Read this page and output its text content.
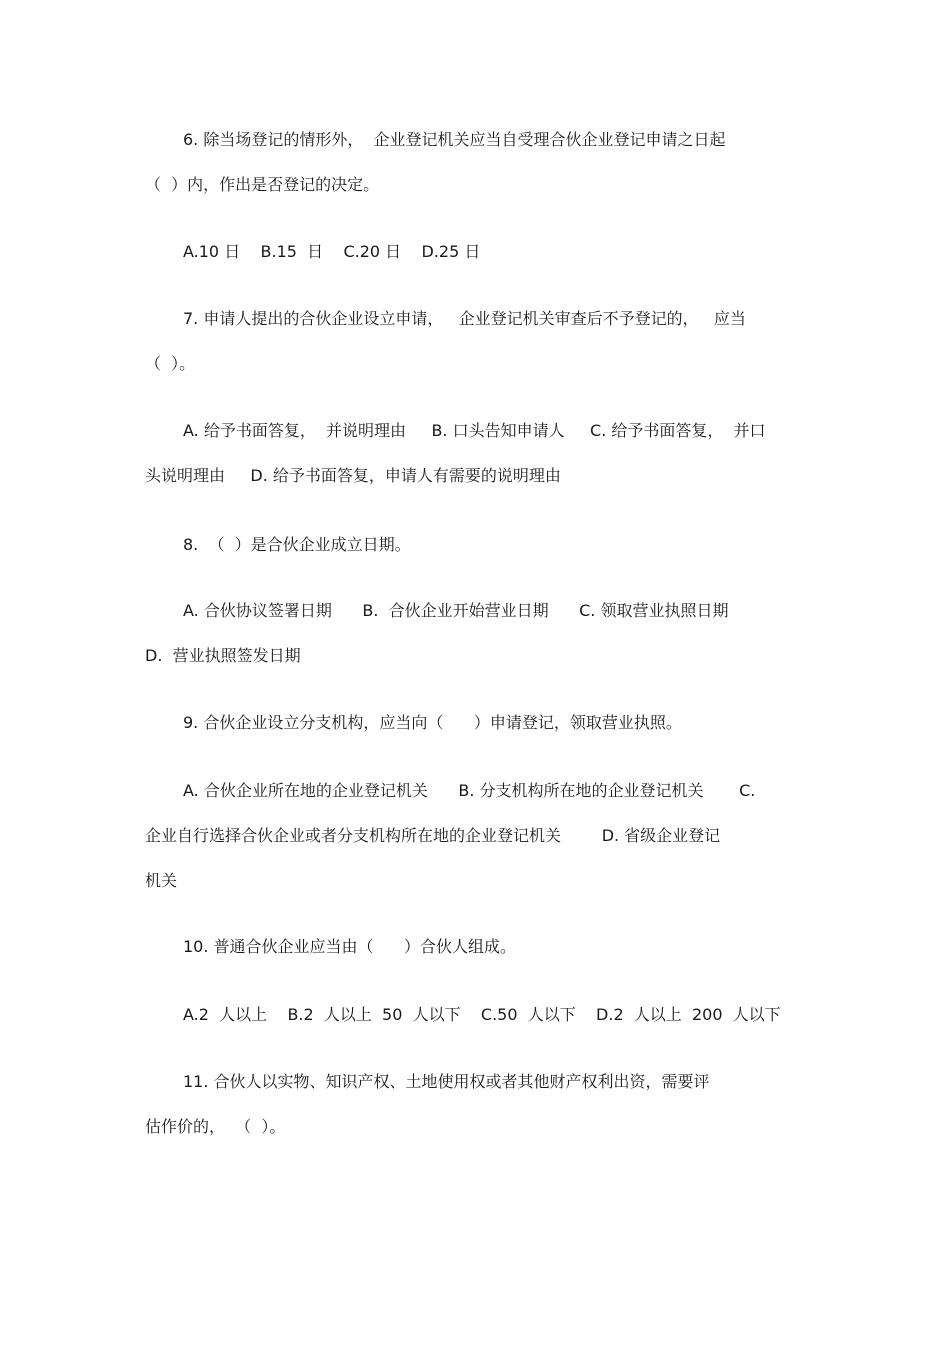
6. 除当场登记的情形外，  企业登记机关应当自受理合伙企业登记申请之日起
（  ）内，作出是否登记的决定。
A.10 日    B.15  日    C.20 日    D.25 日
7. 申请人提出的合伙企业设立申请，   企业登记机关审查后不予登记的，   应当
（  ）。
A. 给予书面答复，  并说明理由     B. 口头告知申请人     C. 给予书面答复，  并口
头说明理由     D. 给予书面答复，申请人有需要的说明理由
8.  （  ）是合伙企业成立日期。
A. 合伙协议签署日期      B.  合伙企业开始营业日期      C. 领取营业执照日期
D.  营业执照签发日期
9. 合伙企业设立分支机构，应当向（      ）申请登记，领取营业执照。
A. 合伙企业所在地的企业登记机关      B. 分支机构所在地的企业登记机关       C.
企业自行选择合伙企业或者分支机构所在地的企业登记机关        D. 省级企业登记
机关
10. 普通合伙企业应当由（      ）合伙人组成。
A.2  人以上    B.2  人以上  50  人以下    C.50  人以下    D.2  人以上  200  人以下
11. 合伙人以实物、知识产权、土地使用权或者其他财产权利出资，需要评
估作价的，  （  ）。
